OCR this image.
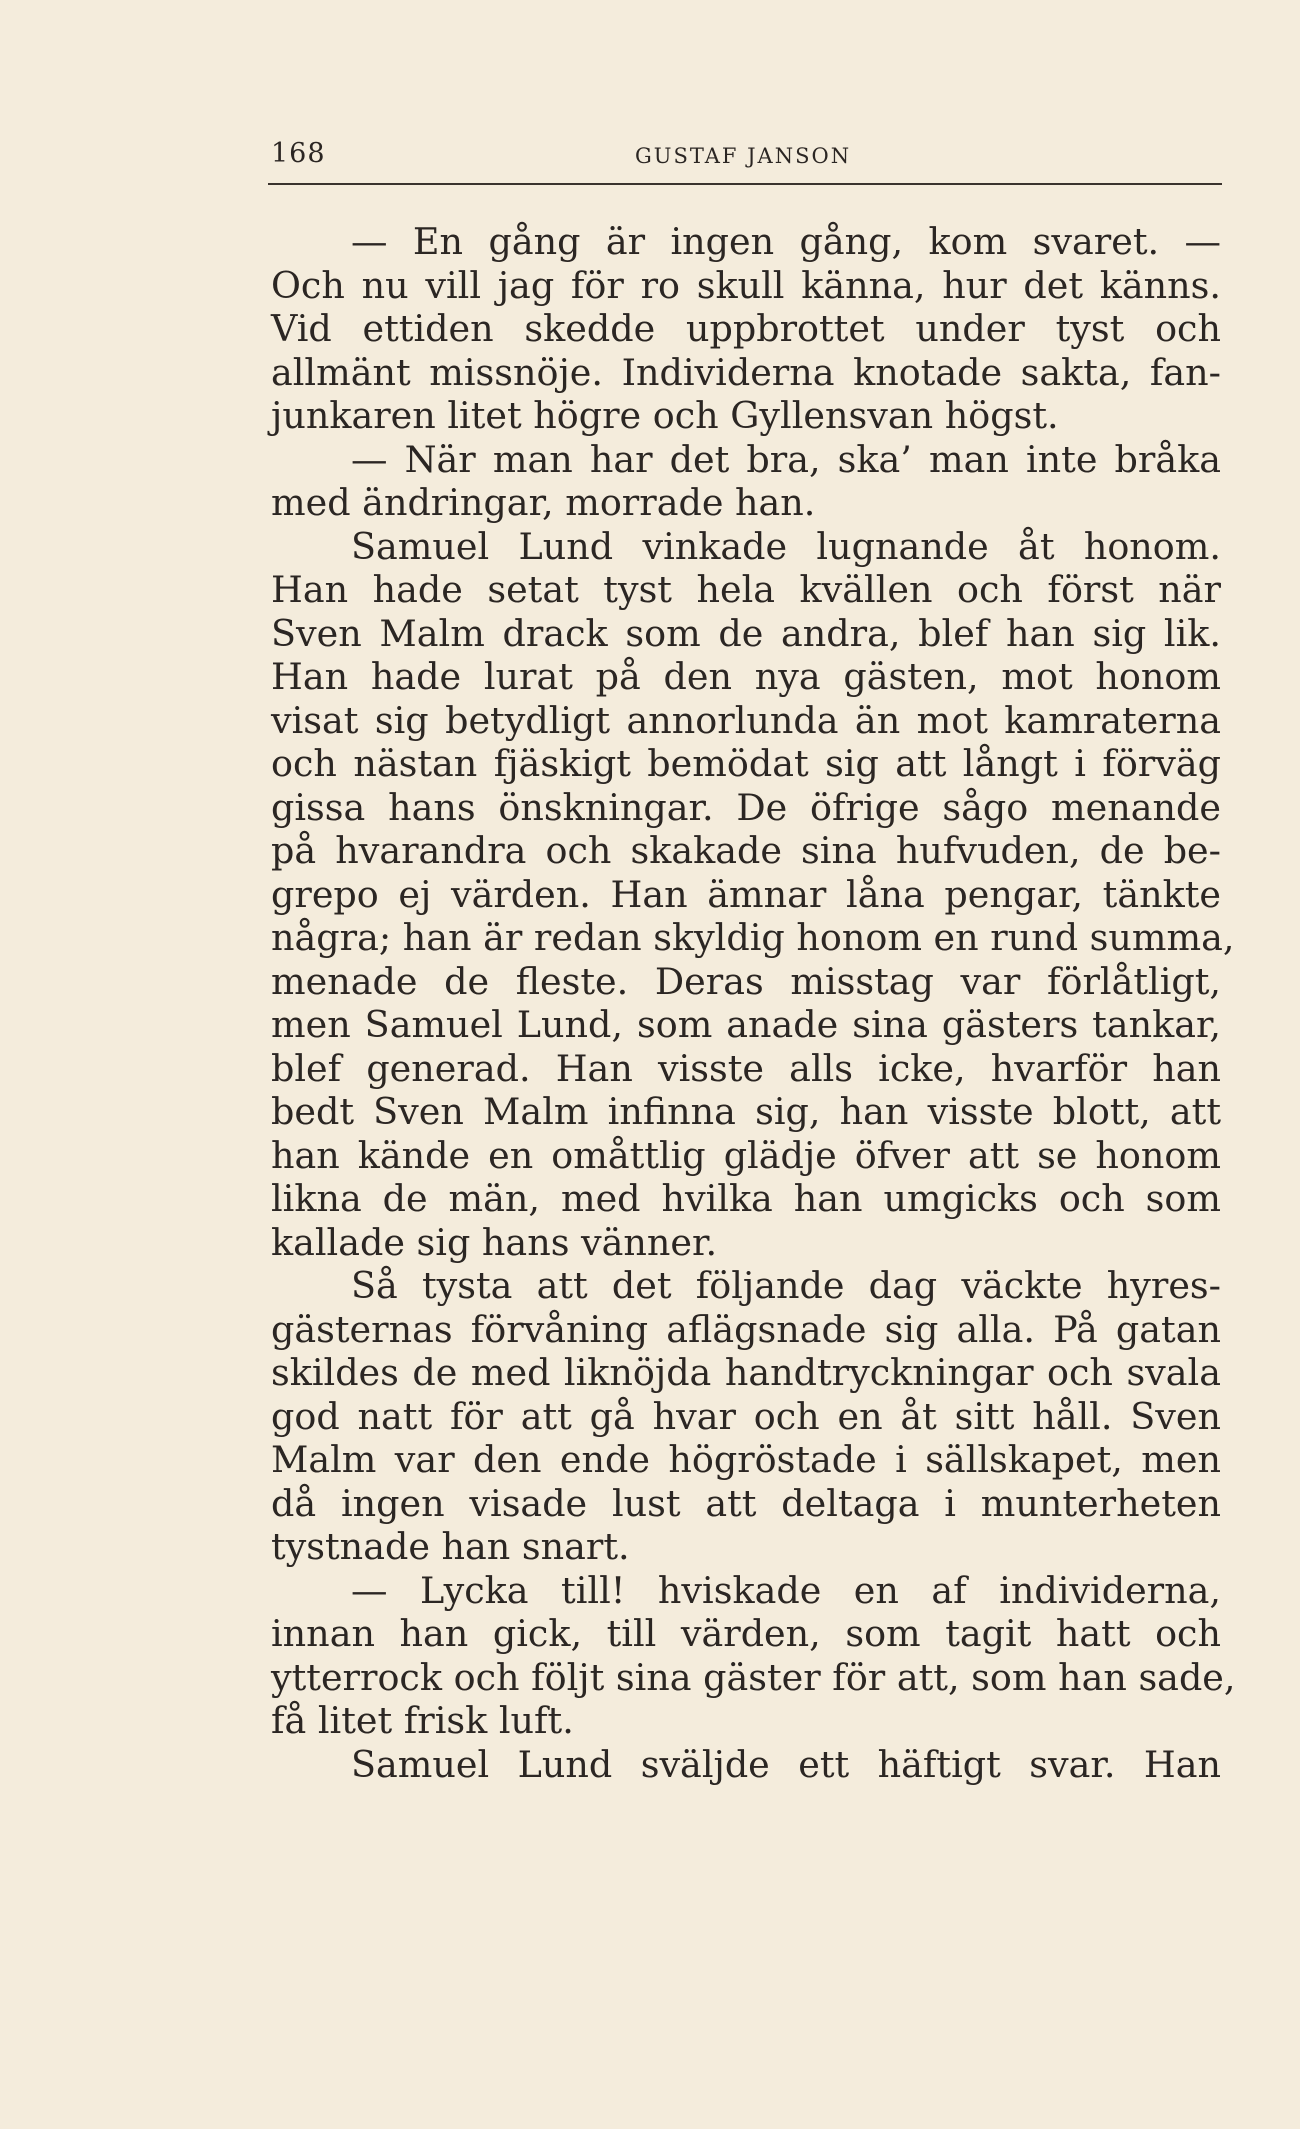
168	GUSTAF JANSON
— En gång är ingen gång, kom svaret. —
Och nu vill jag för ro skull känna, hur det känns.
Vid ettiden skedde uppbrottet under tyst och
allmänt missnöje. Individerna knotade sakta, fan-
junkaren litet högre och Gyllensvan högst.
— När man har det bra, ska’ man inte bråka
med ändringar, morrade han.
Samuel Lund vinkade lugnande åt honom.
Han hade setat tyst hela kvällen och först när
Sven Malm drack som de andra, blef han sig lik.
Han hade lurat på den nya gästen, mot honom
visat sig betydligt annorlunda än mot kamraterna
och nästan fjäskigt bemödat sig att långt i förväg
gissa hans önskningar. De öfrige sågo menande
på hvarandra och skakade sina hufvuden, de be-
grepo ej värden. Han ämnar låna pengar, tänkte
några; han är redan skyldig honom en rund summa,
menade de fleste. Deras misstag var förlåtligt,
men Samuel Lund, som anade sina gästers tankar,
blef generad. Han visste alls icke, hvarför han
bedt Sven Malm infinna sig, han visste blott, att
han kände en omåttlig glädje öfver att se honom
likna de män, med hvilka han umgicks och som
kallade sig hans vänner.
Så tysta att det följande dag väckte hyres-
gästernas förvåning aflägsnade sig alla. På gatan
skildes de med liknöjda handtryckningar och svala
god natt för att gå hvar och en åt sitt håll. Sven
Malm var den ende högröstade i sällskapet, men
då ingen visade lust att deltaga i munterheten
tystnade han snart.
— Lycka till! hviskade en af individerna,
innan han gick, till värden, som tagit hatt och
ytterrock och följt sina gäster för att, som han sade,
få litet frisk luft.
Samuel Lund sväljde ett häftigt svar. Han
